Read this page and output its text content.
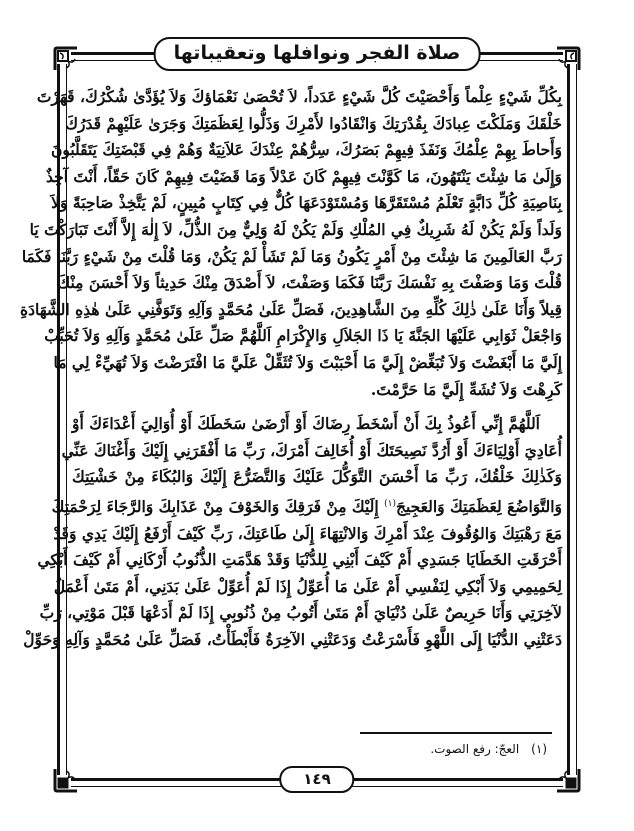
صلاة الفجر ونوافلها وتعقيباتها
بِكُلِّ شَيْءٍ عِلْماً وَأَحْصَيْتَ كُلَّ شَيْءٍ عَدَداً، لاَ تُحْصَىٰ نَعْمَاؤكَ وَلاَ يُؤَدَّىٰ شُكْرُكَ، قَهَرْتَ
خَلْقَكَ وَمَلَكْتَ عِبادَكَ بِقُدْرَتِكَ وَانْقَادُوا لأَمْرِكَ وَذَلُّوا لِعَظَمَتِكَ وَجَرَىٰ عَلَيْهِمْ قَدَرُكَ
وَأَحاطَ بِهِمْ عِلْمُكَ وَنَفَذَ فِيهِمْ بَصَرُكَ، سِرُّهُمْ عِنْدَكَ عَلاَنِيَةٌ وَهُمْ فِي قَبْضَتِكَ يَتَقَلَّبُونَ
وَإِلَىٰ مَا شِئْتَ يَنْتَهُونَ، مَا كَوَّنْتَ فِيهِمْ كَانَ عَدْلاً وَمَا قَضَيْتَ فِيهِمْ كَانَ حَقّاً، أَنْتَ آخِذٌ
بِنَاصِيَةِ كُلِّ دَابَّةٍ تَعْلَمُ مُسْتَقَرَّهَا وَمُسْتَوْدَعَهَا كُلٌّ فِي كِتَابٍ مُبِينٍ، لَمْ يَتَّخِذْ صَاحِبَةً وَلاَ
وَلَداً وَلَمْ يَكُنْ لَهُ شَرِيكٌ فِي المُلْكِ وَلَمْ يَكُنْ لَهُ وَلِيٌّ مِنَ الذُّلِّ، لاَ إِلٰهَ إِلاَّ أَنْتَ تَبَارَكْتَ يَا
رَبَّ العَالَمِينَ مَا شِئْتَ مِنْ أَمْرٍ يَكُونُ وَمَا لَمْ تَشَأْ لَمْ يَكُنْ، وَمَا قُلْتَ مِنْ شَيْءٍ رَبَّنَا فَكَمَا
قُلْتَ وَمَا وَصَفْتَ بِهِ نَفْسَكَ رَبَّنَا فَكَمَا وَصَفْتَ، لاَ أَصْدَقَ مِنْكَ حَدِيثاً وَلاَ أَحْسَنَ مِنْكَ
قِيلاً وَأَنَا عَلَىٰ ذٰلِكَ كُلِّهِ مِنَ الشَّاهِدِينَ، فَصَلِّ عَلَىٰ مُحَمَّدٍ وَآلِهِ وَتَوَفَّنِي عَلَىٰ هٰذِهِ الشَّهَادَةِ
وَاجْعَلْ ثَوَابِي عَلَيْهَا الجَنَّةَ يَا ذَا الجَلاَلِ وَالإِكْرَامِ اَللَّهُمَّ صَلِّ عَلَىٰ مُحَمَّدٍ وَآلِهِ وَلاَ تُحَبِّبْ
إِلَيَّ مَا أَبْغَضْتَ وَلاَ تُبَغِّضْ إِلَيَّ مَا أَحْبَبْتَ وَلاَ تُثَقِّلْ عَلَيَّ مَا افْتَرَضْتَ وَلاَ تُهَيِّءْ لِي مَا
كَرِهْتَ وَلاَ تُشَهِّ إِلَيَّ مَا حَرَّمْتَ.
اَللَّهُمَّ إِنِّي أَعُوذُ بِكَ أَنْ أَسْخَطَ رِضَاكَ أَوْ أَرْضَىٰ سَخَطَكَ أَوْ أُوَالِيَ أَعْدَاءَكَ أَوْ
أُعَادِيَ أَوْلِيَاءَكَ أَوْ أَرُدَّ نَصِيحَتَكَ أَوْ أُخَالِفَ أَمْرَكَ، رَبِّ مَا أَفْقَرَنِي إِلَيْكَ وَأَغْنَاكَ عَنِّي
وَكَذٰلِكَ خَلْقُكَ، رَبِّ مَا أَحْسَنَ التَّوَكُّلَ عَلَيْكَ وَالتَّضَرُّعَ إِلَيْكَ وَالبُكَاءَ مِنْ خَشْيَتِكَ
وَالتَّوَاضُعَ لِعَظَمَتِكَ وَالعَجِيجَ$^{(١)}$ إِلَيْكَ مِنْ فَرَقِكَ وَالخَوْفَ مِنْ عَذَابِكَ وَالرَّجَاءَ لِرَحْمَتِكَ
مَعَ رَهْبَتِكَ وَالوُقُوفَ عِنْدَ أَمْرِكَ وَالانْتِهَاءَ إِلَىٰ طَاعَتِكَ، رَبِّ كَيْفَ أَرْفَعُ إِلَيْكَ يَدِي وَقَدْ
أَحْرَقَتِ الخَطَايَا جَسَدِي أَمْ كَيْفَ أَبْنِي لِلدُّنْيَا وَقَدْ هَدَّمَتِ الذُّنُوبُ أَرْكَانِي أَمْ كَيْفَ أَبْكِي
لِحَمِيمِي وَلاَ أَبْكِي لِنَفْسِي أَمْ عَلَىٰ مَا أُعَوِّلُ إِذَا لَمْ أُعَوِّلْ عَلَىٰ بَدَنِي، أَمْ مَتَىٰ أَعْمَلُ
لآخِرَتِي وَأَنَا حَرِيصٌ عَلَىٰ دُنْيَايَ أَمْ مَتَىٰ أَتُوبُ مِنْ ذُنُوبِي إِذَا لَمْ أَدَعْهَا قَبْلَ مَوْتِي، رَبِّ
دَعَتْنِي الدُّنْيَا إِلَى اللَّهْوِ فَأَسْرَعْتُ وَدَعَتْنِي الآخِرَةُ فَأَبْطَأْتُ، فَصَلِّ عَلَىٰ مُحَمَّدٍ وَآلِهِ وَحَوِّلْ
(١)العجّ: رفع الصوت.
١٤٩
